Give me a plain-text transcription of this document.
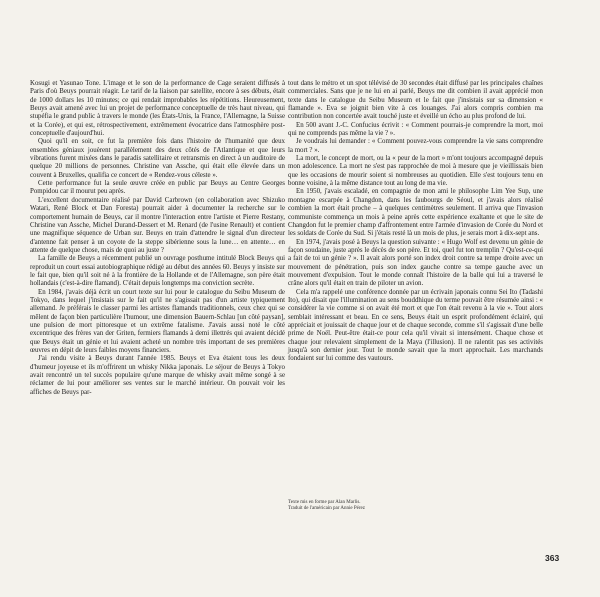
Kosugi et Yasunao Tone. L'image et le son de la performance de Cage seraient diffusés à Paris d'où Beuys pourrait réagir. Le tarif de la liaison par satellite, encore à ses débuts, était de 1000 dollars les 10 minutes; ce qui rendait improbables les répétitions. Heureusement, Beuys avait amené avec lui un projet de performance conceptuelle de très haut niveau, qui stupéfia le grand public à travers le monde (les États-Unis, la France, l'Allemagne, la Suisse et la Corée), et qui est, rétrospectivement, extrêmement évocatrice dans l'atmosphère post-conceptuelle d'aujourd'hui.

Quoi qu'il en soit, ce fut la première fois dans l'histoire de l'humanité que deux ensembles géniaux jouèrent parallèlement des deux côtés de l'Atlantique et que leurs vibrations furent mixées dans le paradis satellitaire et retransmis en direct à un auditoire de quelque 20 millions de personnes. Christine van Assche, qui était elle élevée dans un couvent à Bruxelles, qualifia ce concert de « Rendez-vous céleste ».

Cette performance fut la seule œuvre créée en public par Beuys au Centre Georges Pompidou car il mourut peu après.

L'excellent documentaire réalisé par David Carbrown (en collaboration avec Shizuko Watari, René Block et Dan Foresta) pourrait aider à documenter la recherche sur le comportement humain de Beuys, car il montre l'interaction entre l'artiste et Pierre Restany, Christine van Assche, Michel Durand-Dessert et M. Renard (de l'usine Renault) et contient une magnifique séquence de Urban sur. Beuys en train d'attendre le signal d'un directeur d'antenne fait penser à un coyote de la steppe sibérienne sous la lune… en attente… en attente de quelque chose, mais de quoi au juste ?

La famille de Beuys a récemment publié un ouvrage posthume intitulé Block Beuys qui reproduit un court essai autobiographique rédigé au début des années 60. Beuys y insiste sur le fait que, bien qu'il soit né à la frontière de la Hollande et de l'Allemagne, son père était hollandais (c'est-à-dire flamand). C'était depuis longtemps ma conviction secrète.

En 1984, j'avais déjà écrit un court texte sur lui pour le catalogue du Seibu Museum de Tokyo, dans lequel j'insistais sur le fait qu'il ne s'agissait pas d'un artiste typiquement allemand. Je préférais le classer parmi les artistes flamands traditionnels, ceux chez qui se mêlent de façon bien particulière l'humour, une dimension Bauern-Schlau [un côté paysan], une pulsion de mort pittoresque et un extrême fatalisme. J'avais aussi noté le côté excentrique des frères van der Griten, fermiers flamands à demi illettrés qui avaient décidé que Beuys était un génie et lui avaient acheté un nombre très important de ses premières œuvres en dépit de leurs faibles moyens financiers.

J'ai rendu visite à Beuys durant l'année 1985. Beuys et Eva étaient tous les deux d'humeur joyeuse et ils m'offrirent un whisky Nikka japonais. Le séjour de Beuys à Tokyo avait rencontré un tel succès populaire qu'une marque de whisky avait même songé à se réclamer de lui pour améliorer ses ventes sur le marché intérieur. On pouvait voir les affiches de Beuys par-

tout dans le métro et un spot télévisé de 30 secondes était diffusé par les principales chaînes commerciales. Sans que je ne lui en ai parlé, Beuys me dit combien il avait apprécié mon texte dans le catalogue du Seibu Museum et le fait que j'insistais sur sa dimension « flamande ». Eva se joignit bien vite à ces louanges. J'ai alors compris combien ma contribution non concertée avait touché juste et éveillé un écho au plus profond de lui.

En 500 avant J.-C. Confucius écrivit : « Comment pourrais-je comprendre la mort, moi qui ne comprends pas même la vie ? ».

Je voudrais lui demander : « Comment pouvez-vous comprendre la vie sans comprendre la mort ? ».

La mort, le concept de mort, ou la « peur de la mort » m'ont toujours accompagné depuis mon adolescence. La mort ne s'est pas rapprochée de moi à mesure que je vieillissais bien que les occasions de mourir soient si nombreuses au quotidien. Elle s'est toujours tenu en bonne voisine, à la même distance tout au long de ma vie.

En 1950, j'avais escaladé, en compagnie de mon ami le philosophe Lim Yee Sup, une montagne escarpée à Changdon, dans les faubourgs de Séoul, et j'avais alors réalisé combien la mort était proche – à quelques centimètres seulement. Il arriva que l'invasion communiste commença un mois à peine après cette expérience exaltante et que le site de Changdon fut le premier champ d'affrontement entre l'armée d'invasion de Corée du Nord et les soldats de Corée du Sud. Si j'étais resté là un mois de plus, je serais mort à dix-sept ans.

En 1974, j'avais posé à Beuys la question suivante : « Hugo Wolf est devenu un génie de façon soudaine, juste après le décès de son père. Et toi, quel fut ton tremplin ? Qu'est-ce-qui a fait de toi un génie ? ». Il avait alors porté son index droit contre sa tempe droite avec un mouvement de pénétration, puis son index gauche contre sa tempe gauche avec un mouvement d'expulsion. Tout le monde connaît l'histoire de la balle qui lui a traversé le crâne alors qu'il était en train de piloter un avion.

Cela m'a rappelé une conférence donnée par un écrivain japonais connu Sei Ito (Tadashi Ito), qui disait que l'illumination au sens bouddhique du terme pouvait être résumée ainsi : « considérer la vie comme si on avait été mort et que l'on était revenu à la vie ». Tout alors semblait intéressant et beau. En ce sens, Beuys était un esprit profondément éclairé, qui appréciait et jouissait de chaque jour et de chaque seconde, comme s'il s'agissait d'une belle prime de Noël. Peut-être était-ce pour cela qu'il vivait si intensément. Chaque chose et chaque jour relevaient simplement de la Maya (l'illusion). Il ne ralentit pas ses activités jusqu'à son dernier jour. Tout le monde savait que la mort approchait. Les marchands fondaient sur lui comme des vautours.

Texte mis en forme par Alan Marlis.
Traduit de l'américain par Annie Pérez
363
